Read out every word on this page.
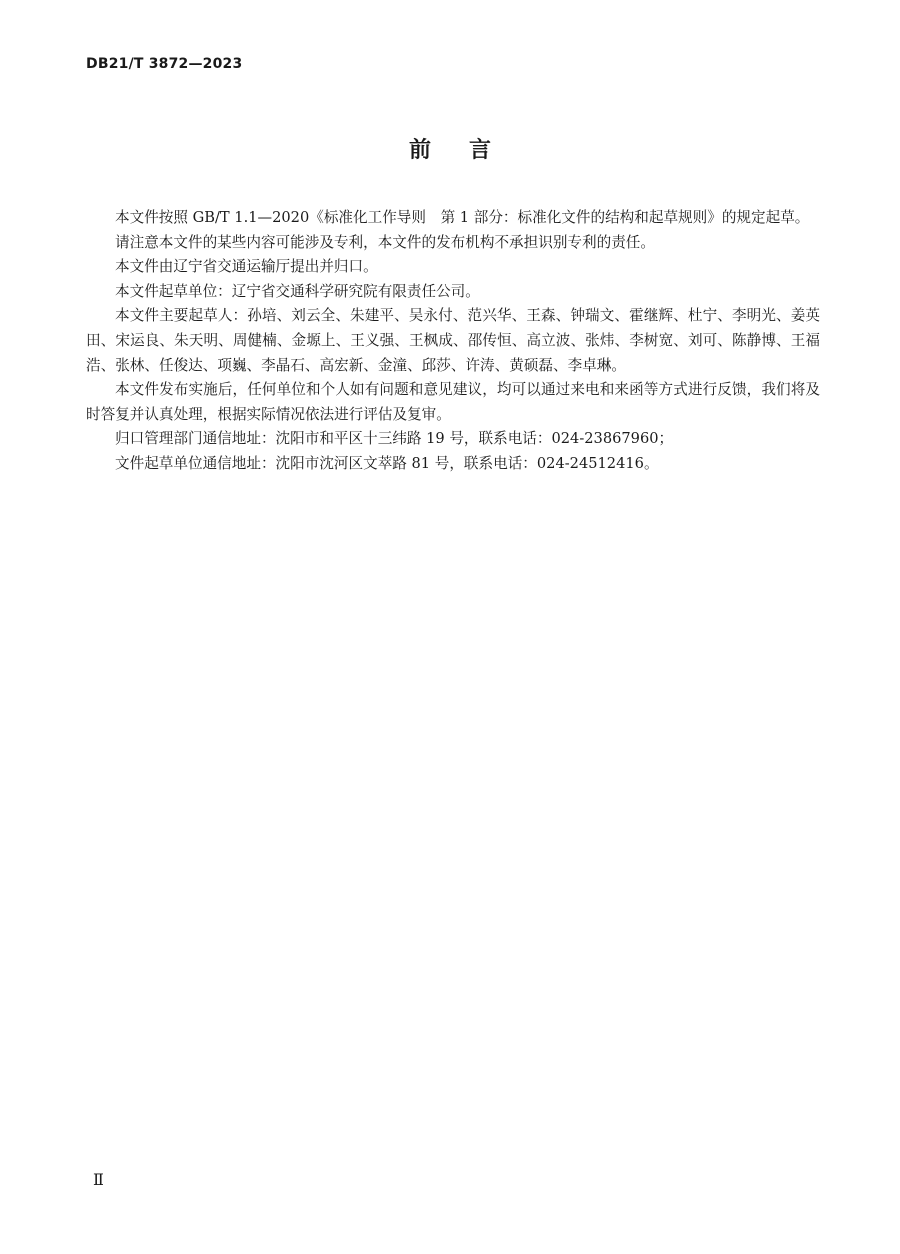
DB21/T 3872—2023
前言

本文件按照 GB/T 1.1—2020《标准化工作导则　第 1 部分：标准化文件的结构和起草规则》的规定起草。

请注意本文件的某些内容可能涉及专利，本文件的发布机构不承担识别专利的责任。

本文件由辽宁省交通运输厅提出并归口。

本文件起草单位：辽宁省交通科学研究院有限责任公司。

本文件主要起草人：孙培、刘云全、朱建平、吴永付、范兴华、王森、钟瑞文、霍继辉、杜宁、李明光、姜英田、宋运良、朱天明、周健楠、金塬上、王义强、王枫成、邵传恒、高立波、张炜、李树宽、刘可、陈静博、王福浩、张林、任俊达、项巍、李晶石、高宏新、金潼、邱莎、许涛、黄硕磊、李卓琳。

本文件发布实施后，任何单位和个人如有问题和意见建议，均可以通过来电和来函等方式进行反馈，我们将及时答复并认真处理，根据实际情况依法进行评估及复审。

归口管理部门通信地址：沈阳市和平区十三纬路 19 号，联系电话：024-23867960；

文件起草单位通信地址：沈阳市沈河区文萃路 81 号，联系电话：024-24512416。

Ⅱ
